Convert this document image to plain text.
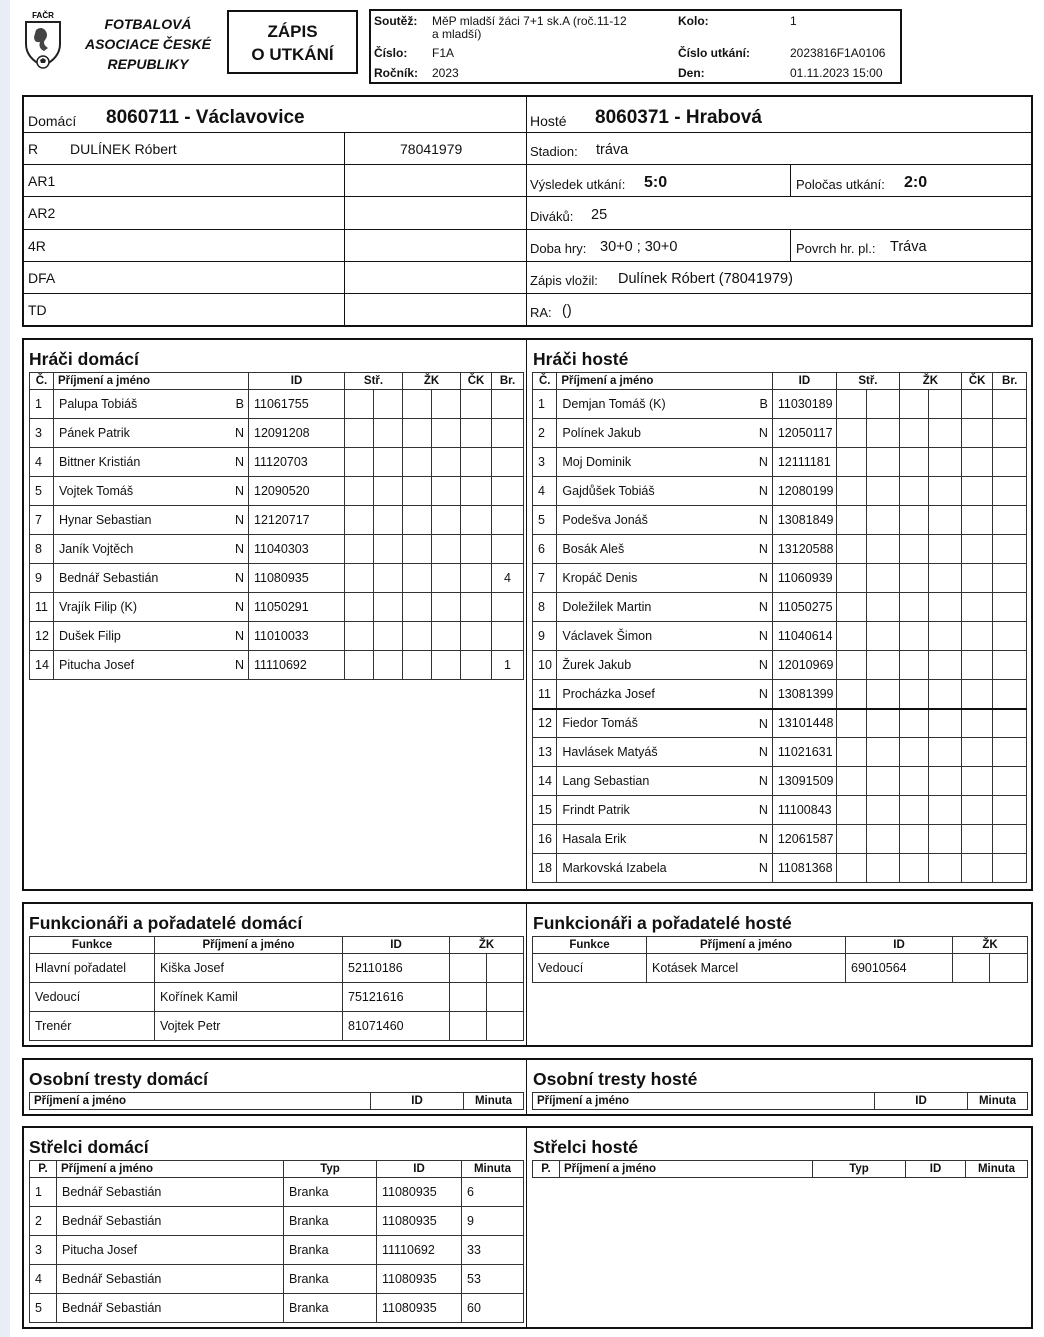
FAČR
FOTBALOVÁ
ASOCIACE ČESKÉ
REPUBLIKY
ZÁPIS
O UTKÁNÍ
Soutěž: MěP mladší žáci 7+1 sk.A (roč.11-12
a mladší)
Číslo: F1A
Ročník: 2023
Kolo:	1
Číslo utkání:	2023816F1A0106
Den:	01.11.2023 15:00
Domácí 8060711 - Václavovice	Hosté 8060371 - Hrabová
R DULÍNEK Róbert	78041979
AR1
AR2
4R
DFA
TD
Stadion: tráva
Výsledek utkání: 5:0	Poločas utkání: 2:0
Diváků: 25
Doba hry: 30+0 ; 30+0	Povrch hr. pl.: Tráva
Zápis vložil: Dulínek Róbert (78041979)
RA: ()
Hráči domácí	Hráči hosté
Č.	Příjmení a jméno	ID	Stř.		ŽK		ČK	Br.
1	Palupa Tobiáš B	11061755						
3	Pánek Patrik N	12091208						
4	Bittner Kristián N	11120703						
5	Vojtek Tomáš N	12090520						
7	Hynar Sebastian N	12120717						
8	Janík Vojtěch N	11040303						
9	Bednář Sebastián N	11080935						4
11	Vrajík Filip (K) N	11050291						
12	Dušek Filip N	11010033						
14	Pitucha Josef N	11110692						1
Č.	Příjmení a jméno	ID	Stř.		ŽK		ČK	Br.
1	Demjan Tomáš (K) B	11030189						
2	Polínek Jakub N	12050117						
3	Moj Dominik N	12111181						
4	Gajdůšek Tobiáš N	12080199						
5	Podešva Jonáš N	13081849						
6	Bosák Aleš N	13120588						
7	Kropáč Denis N	11060939						
8	Doležilek Martin N	11050275						
9	Václavek Šimon N	11040614						
10	Žurek Jakub N	12010969						
11	Procházka Josef N	13081399						
12	Fiedor Tomáš N	13101448						
13	Havlásek Matyáš N	11021631						
14	Lang Sebastian N	13091509						
15	Frindt Patrik N	11100843						
16	Hasala Erik N	12061587						
18	Markovská Izabela N	11081368						
Funkcionáři a pořadatelé domácí	Funkcionáři a pořadatelé hosté
Funkce	Příjmení a jméno	ID	ŽK	
Hlavní pořadatel	Kiška Josef	52110186		
Vedoucí	Kořínek Kamil	75121616		
Trenér	Vojtek Petr	81071460		
Funkce	Příjmení a jméno	ID	ŽK	
Vedoucí	Kotásek Marcel	69010564		
Osobní tresty domácí	Osobní tresty hosté
Příjmení a jméno	ID	Minuta Příjmení a jméno	ID	Minuta
Střelci domácí	Střelci hosté
P.	Příjmení a jméno	Typ	ID	Minuta
1	Bednář Sebastián	Branka	11080935	6
2	Bednář Sebastián	Branka	11080935	9
3	Pitucha Josef	Branka	11110692	33
4	Bednář Sebastián	Branka	11080935	53
5	Bednář Sebastián	Branka	11080935	60
P.	Příjmení a jméno	Typ	ID	Minuta
